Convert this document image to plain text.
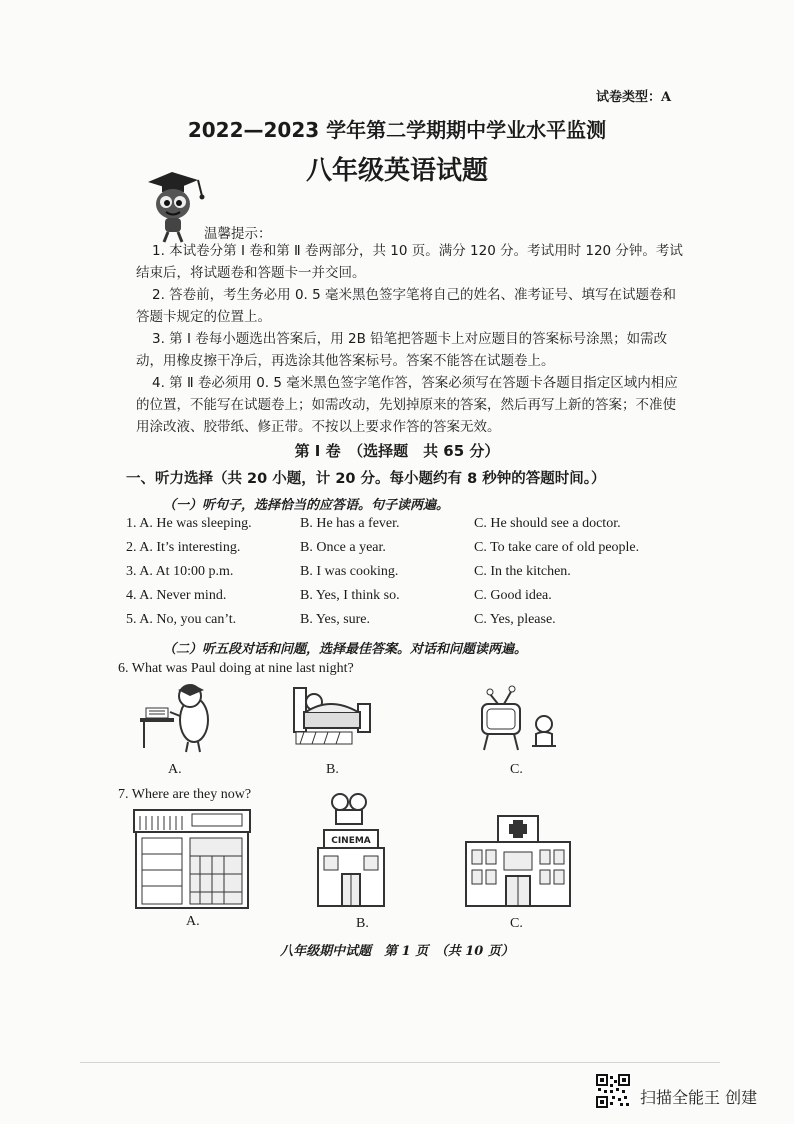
试卷类型：A
2022—2023 学年第二学期期中学业水平监测
八年级英语试题
温馨提示：
1. 本试卷分第 Ⅰ 卷和第 Ⅱ 卷两部分，共 10 页。满分 120 分。考试用时 120 分钟。考试结束后，将试题卷和答题卡一并交回。
2. 答卷前，考生务必用 0. 5 毫米黑色签字笔将自己的姓名、准考证号、填写在试题卷和答题卡规定的位置上。
3. 第 Ⅰ 卷每小题选出答案后，用 2B 铅笔把答题卡上对应题目的答案标号涂黑；如需改动，用橡皮擦干净后，再选涂其他答案标号。答案不能答在试题卷上。
4. 第 Ⅱ 卷必须用 0. 5 毫米黑色签字笔作答，答案必须写在答题卡各题目指定区域内相应的位置，不能写在试题卷上；如需改动，先划掉原来的答案，然后再写上新的答案；不准使用涂改液、胶带纸、修正带。不按以上要求作答的答案无效。
第 Ⅰ 卷　（选择题　共 65 分）
一、听力选择（共 20 小题，计 20 分。每小题约有 8 秒钟的答题时间。）
（一）听句子，选择恰当的应答语。句子读两遍。
1. A. He was sleeping.	B. He has a fever.	C. He should see a doctor.
2. A. It’s interesting.	B. Once a year.	C. To take care of old people.
3. A. At 10:00 p.m.	B. I was cooking.	C. In the kitchen.
4. A. Never mind.	B. Yes, I think so.	C. Good idea.
5. A. No, you can’t.	B. Yes, sure.	C. Yes, please.
（二）听五段对话和问题，选择最佳答案。对话和问题读两遍。
6. What was Paul doing at nine last night?
A.	B.	C.
7. Where are they now?
CINEMA
A.	B.	C.
八年级期中试题　第 1 页　（共 10 页）
扫描全能王 创建
